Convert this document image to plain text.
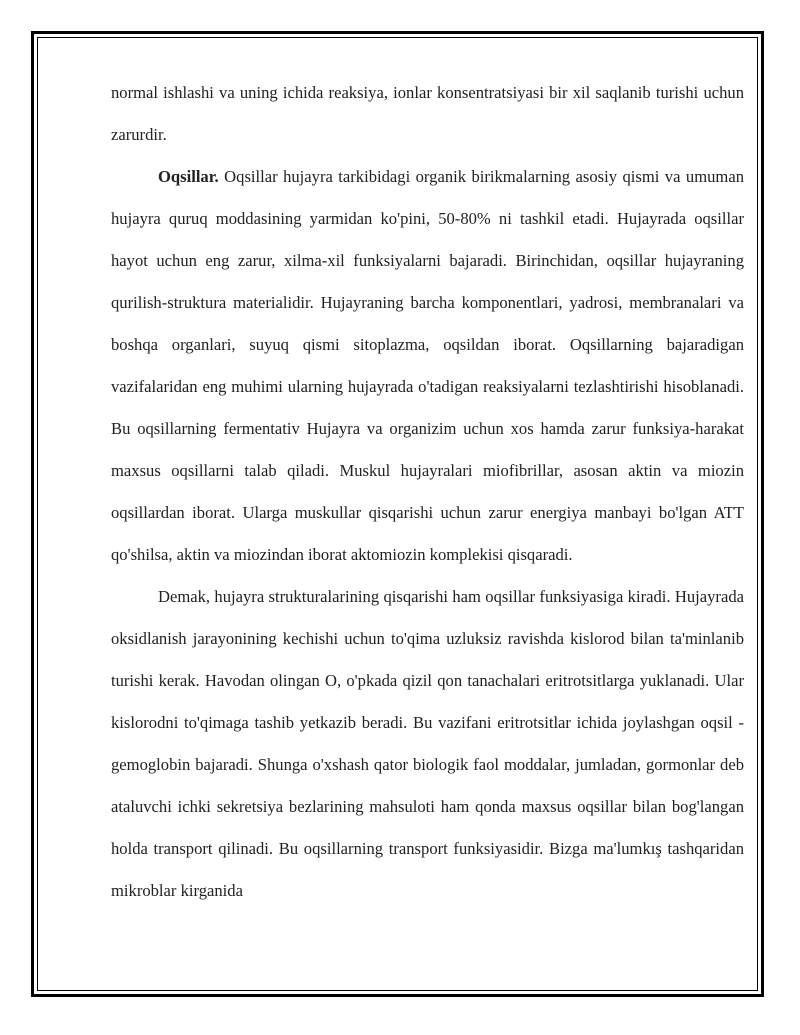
normal ishlashi va uning ichida reaksiya, ionlar konsentratsiyasi bir xil saqlanib turishi uchun zarurdir.

Oqsillar. Oqsillar hujayra tarkibidagi organik birikmalarning asosiy qismi va umuman hujayra quruq moddasining yarmidan ko'pini, 50-80% ni tashkil etadi. Hujayrada oqsillar hayot uchun eng zarur, xilma-xil funksiyalarni bajaradi. Birinchidan, oqsillar hujayraning qurilish-struktura materialidir. Hujayraning barcha komponentlari, yadrosi, membranalari va boshqa organlari, suyuq qismi sitoplazma, oqsildan iborat. Oqsillarning bajaradigan vazifalaridan eng muhimi ularning hujayrada o'tadigan reaksiyalarni tezlashtirishi hisoblanadi. Bu oqsillarning fermentativ Hujayra va organizim uchun xos hamda zarur funksiya-harakat maxsus oqsillarni talab qiladi. Muskul hujayralari miofibrillar, asosan aktin va miozin oqsillardan iborat. Ularga muskullar qisqarishi uchun zarur energiya manbayi bo'lgan ATT qo'shilsa, aktin va miozindan iborat aktomiozin komplekisi qisqaradi.

Demak, hujayra strukturalarining qisqarishi ham oqsillar funksiyasiga kiradi. Hujayrada oksidlanish jarayonining kechishi uchun to'qima uzluksiz ravishda kislorod bilan ta'minlanib turishi kerak. Havodan olingan O, o'pkada qizil qon tanachalari eritrotsitlarga yuklanadi. Ular kislorodni to'qimaga tashib yetkazib beradi. Bu vazifani eritrotsitlar ichida joylashgan oqsil - gemoglobin bajaradi. Shunga o'xshash qator biologik faol moddalar, jumladan, gormonlar deb ataluvchi ichki sekretsiya bezlarining mahsuloti ham qonda maxsus oqsillar bilan bog'langan holda transport qilinadi. Bu oqsillarning transport funksiyasidir. Bizga ma'lumkış tashqaridan mikroblar kirganida
